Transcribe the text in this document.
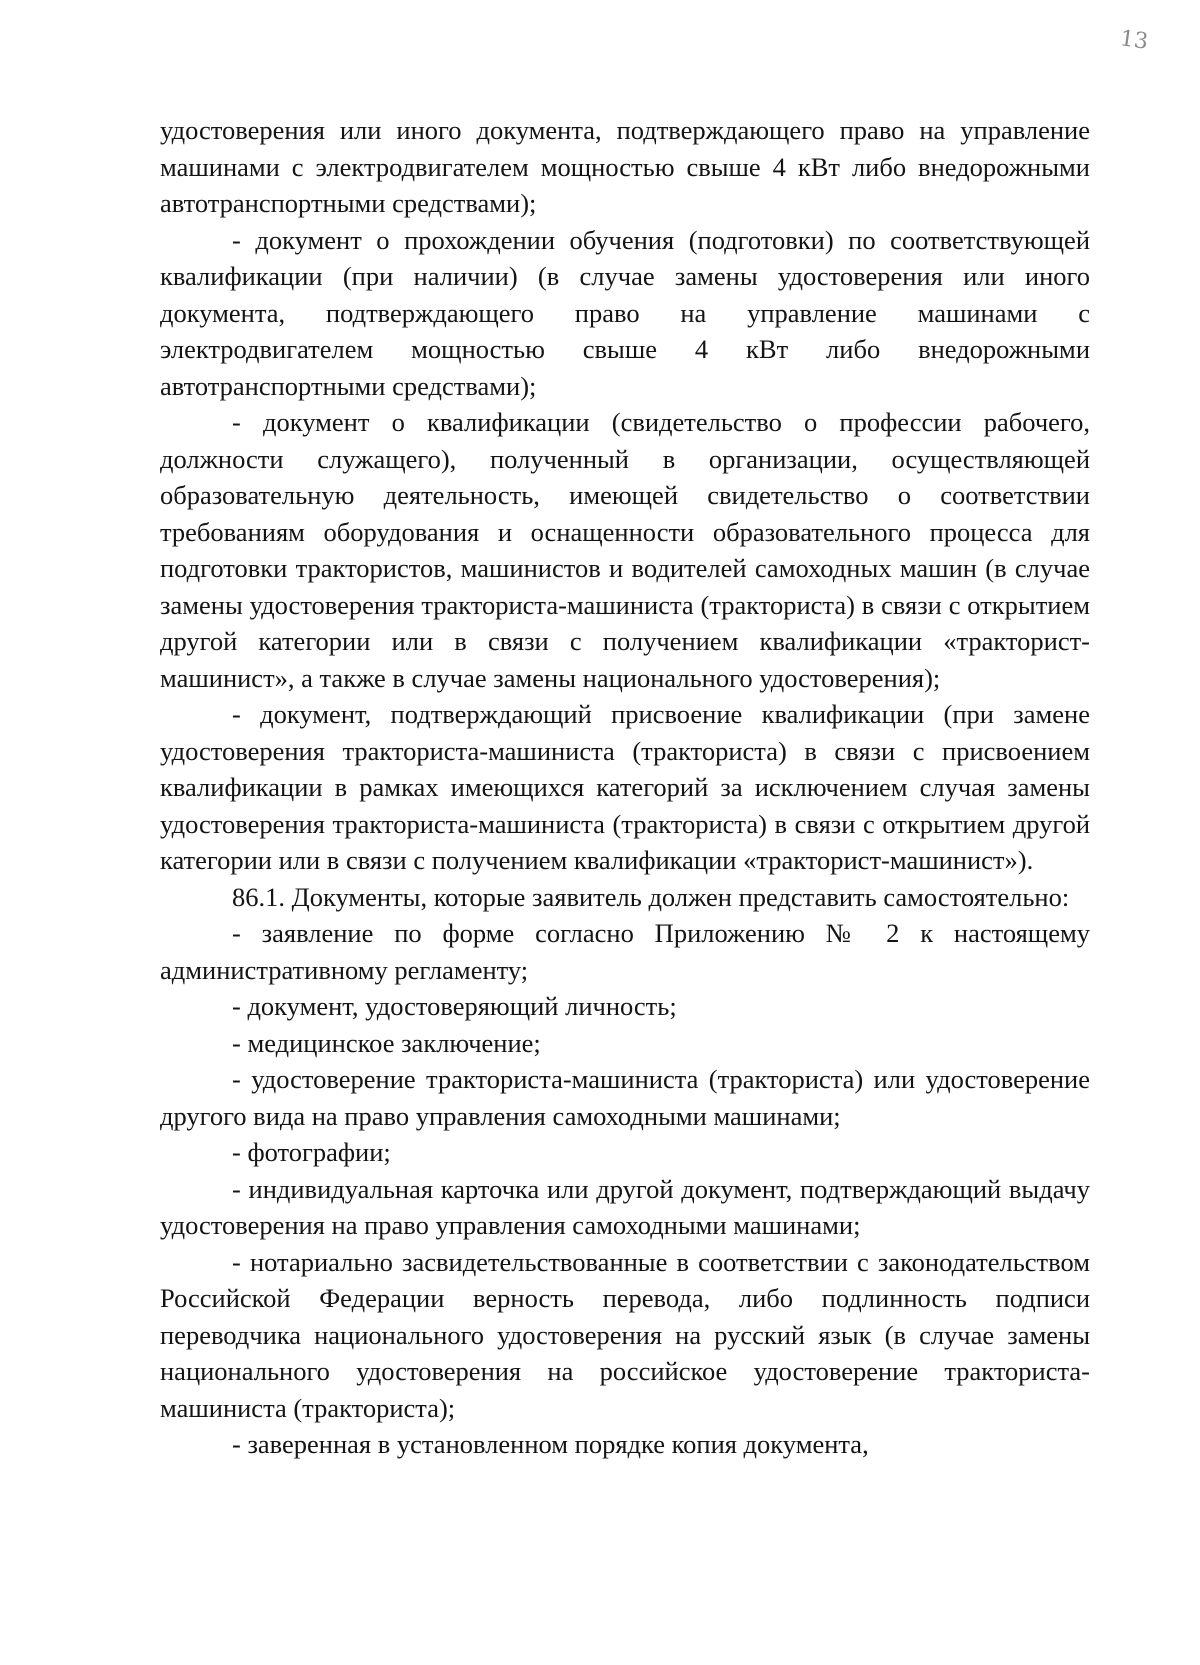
13

удостоверения или иного документа, подтверждающего право на управление машинами с электродвигателем мощностью свыше 4 кВт либо внедорожными автотранспортными средствами);

- документ о прохождении обучения (подготовки) по соответствующей квалификации (при наличии) (в случае замены удостоверения или иного документа, подтверждающего право на управление машинами с электродвигателем мощностью свыше 4 кВт либо внедорожными автотранспортными средствами);

- документ о квалификации (свидетельство о профессии рабочего, должности служащего), полученный в организации, осуществляющей образовательную деятельность, имеющей свидетельство о соответствии требованиям оборудования и оснащенности образовательного процесса для подготовки трактористов, машинистов и водителей самоходных машин (в случае замены удостоверения тракториста-машиниста (тракториста) в связи с открытием другой категории или в связи с получением квалификации «тракторист-машинист», а также в случае замены национального удостоверения);

- документ, подтверждающий присвоение квалификации (при замене удостоверения тракториста-машиниста (тракториста) в связи с присвоением квалификации в рамках имеющихся категорий за исключением случая замены удостоверения тракториста-машиниста (тракториста) в связи с открытием другой категории или в связи с получением квалификации «тракторист-машинист»).

86.1. Документы, которые заявитель должен представить самостоятельно:

- заявление по форме согласно Приложению № 2 к настоящему административному регламенту;

- документ, удостоверяющий личность;

- медицинское заключение;

- удостоверение тракториста-машиниста (тракториста) или удостоверение другого вида на право управления самоходными машинами;

- фотографии;

- индивидуальная карточка или другой документ, подтверждающий выдачу удостоверения на право управления самоходными машинами;

- нотариально засвидетельствованные в соответствии с законодательством Российской Федерации верность перевода, либо подлинность подписи переводчика национального удостоверения на русский язык (в случае замены национального удостоверения на российское удостоверение тракториста-машиниста (тракториста);

- заверенная в установленном порядке копия документа,
